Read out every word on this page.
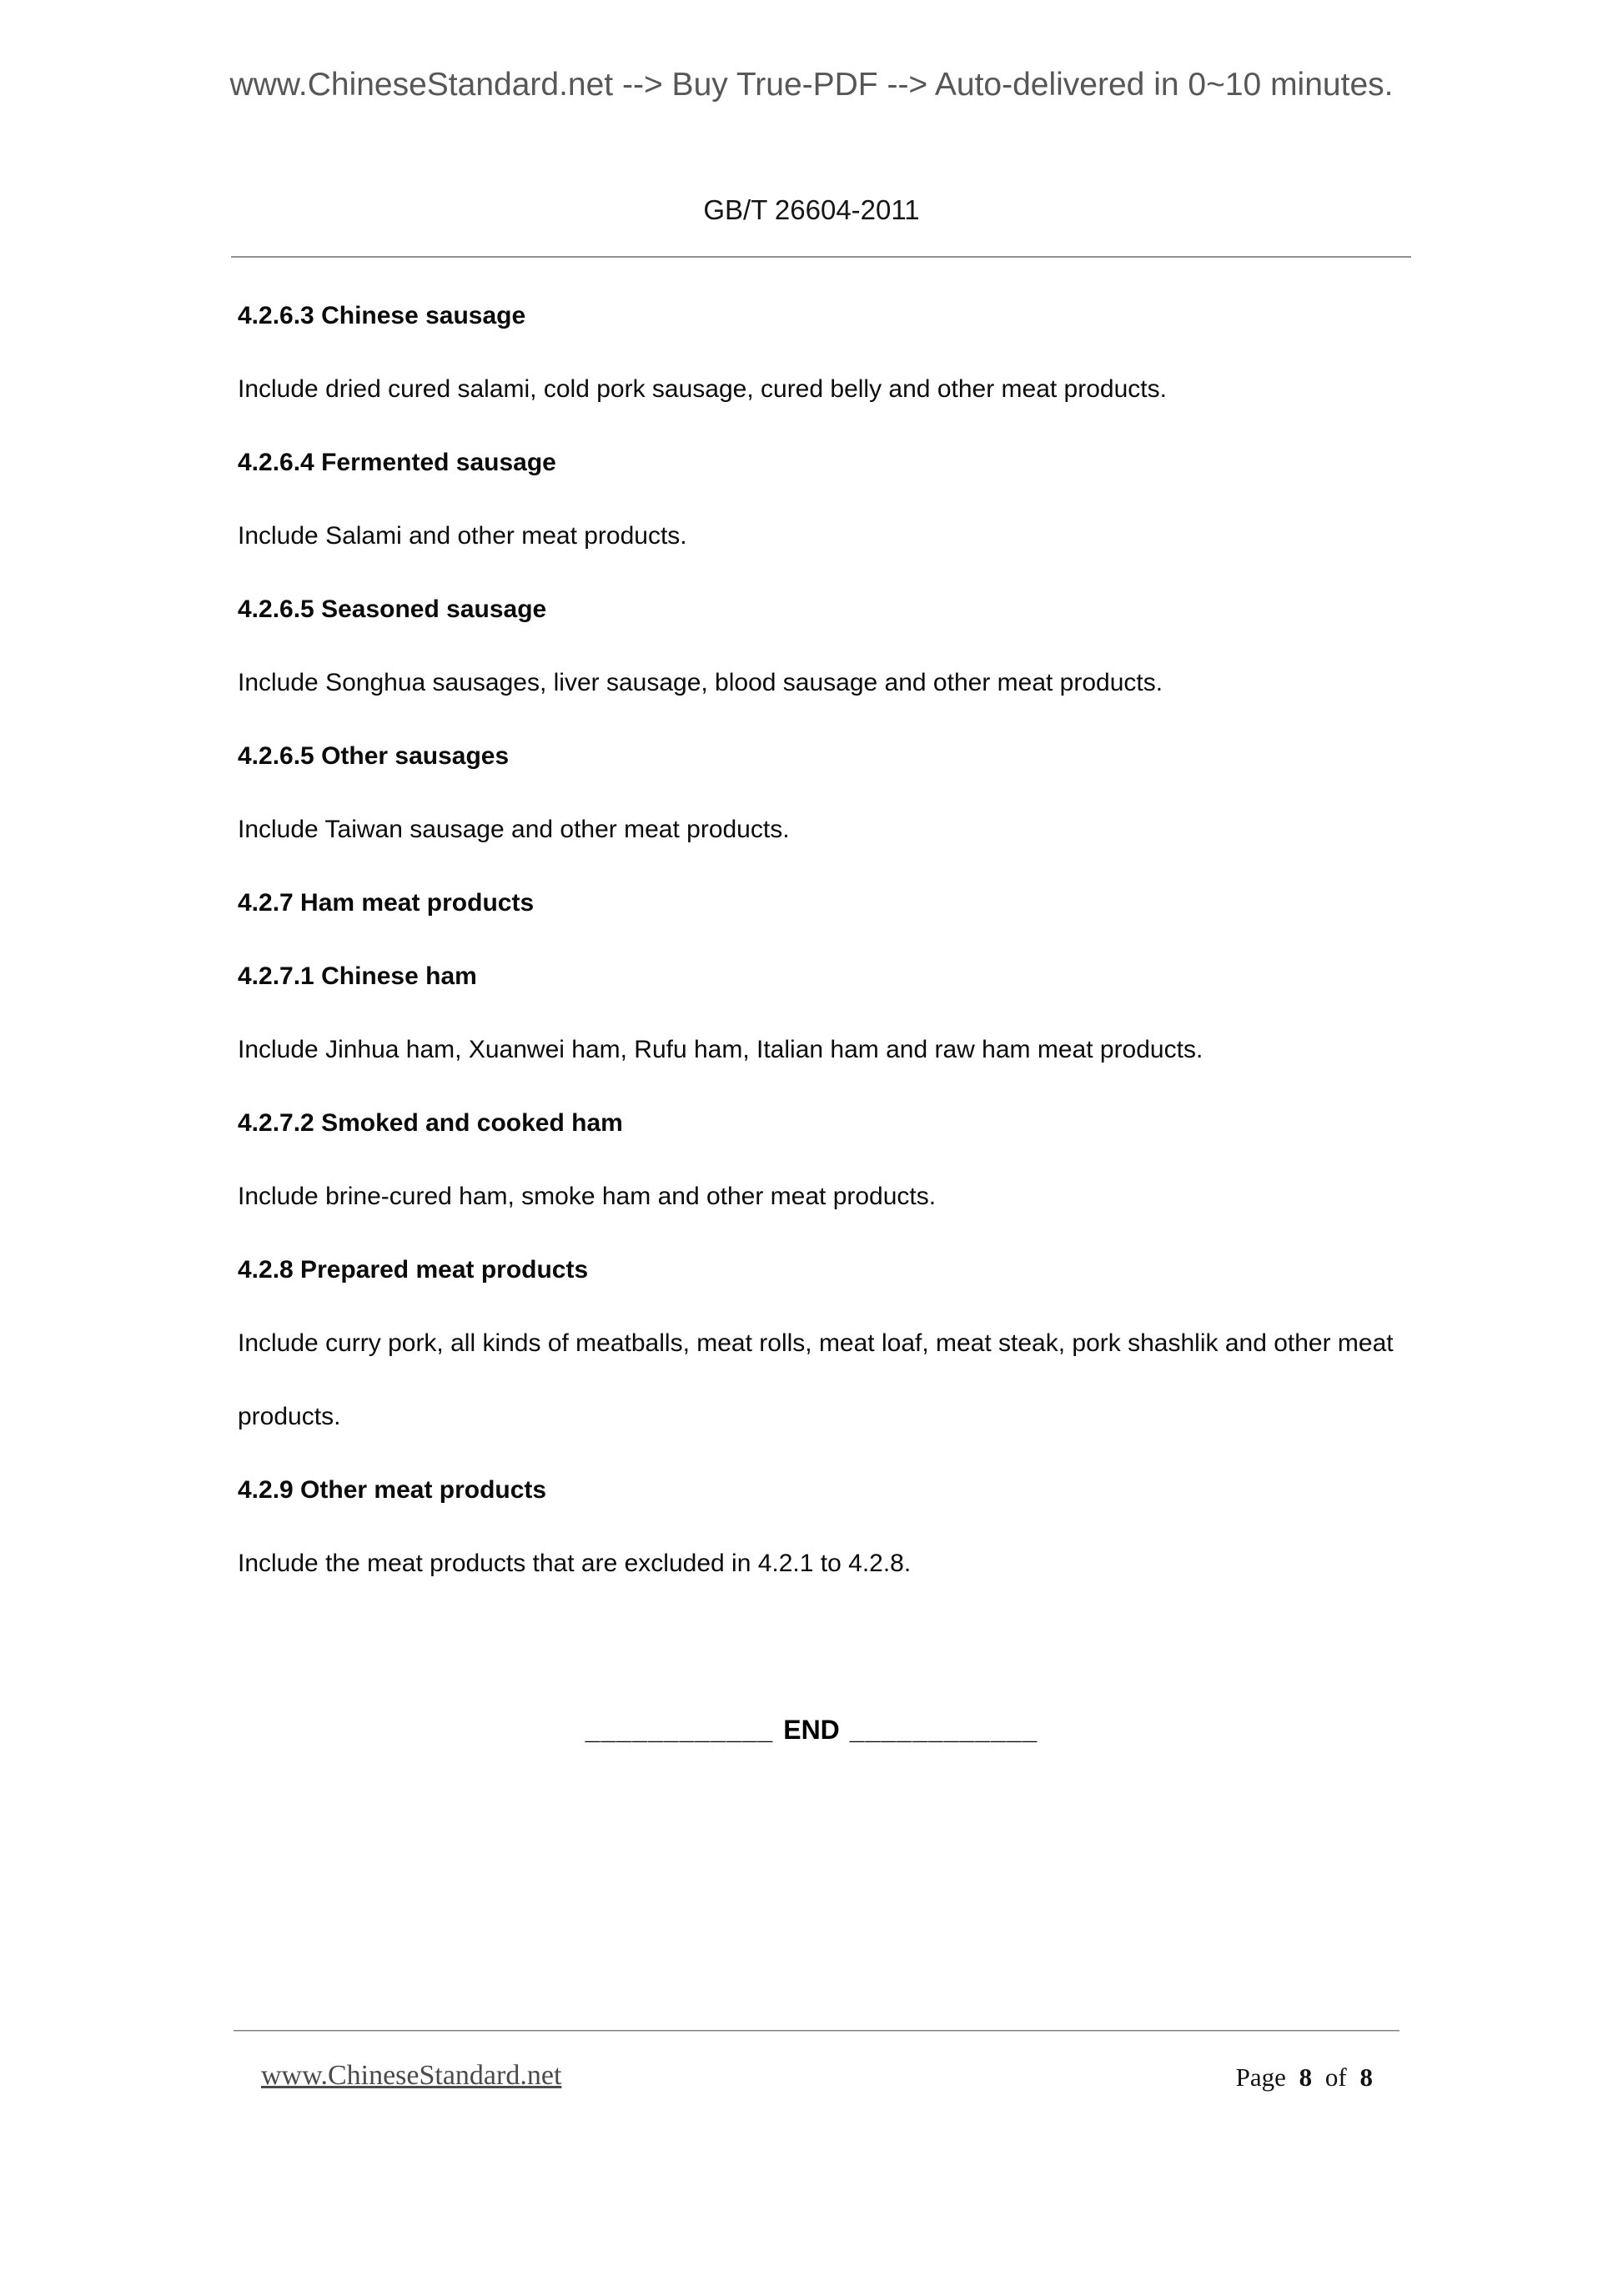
www.ChineseStandard.net --> Buy True-PDF --> Auto-delivered in 0~10 minutes.
GB/T 26604-2011
4.2.6.3 Chinese sausage
Include dried cured salami, cold pork sausage, cured belly and other meat products.
4.2.6.4 Fermented sausage
Include Salami and other meat products.
4.2.6.5 Seasoned sausage
Include Songhua sausages, liver sausage, blood sausage and other meat products.
4.2.6.5 Other sausages
Include Taiwan sausage and other meat products.
4.2.7 Ham meat products
4.2.7.1 Chinese ham
Include Jinhua ham, Xuanwei ham, Rufu ham, Italian ham and raw ham meat products.
4.2.7.2 Smoked and cooked ham
Include brine-cured ham, smoke ham and other meat products.
4.2.8 Prepared meat products
Include curry pork, all kinds of meatballs, meat rolls, meat loaf, meat steak, pork shashlik and other meat products.
4.2.9 Other meat products
Include the meat products that are excluded in 4.2.1 to 4.2.8.
____________ END ____________
www.ChineseStandard.net	Page 8 of 8
